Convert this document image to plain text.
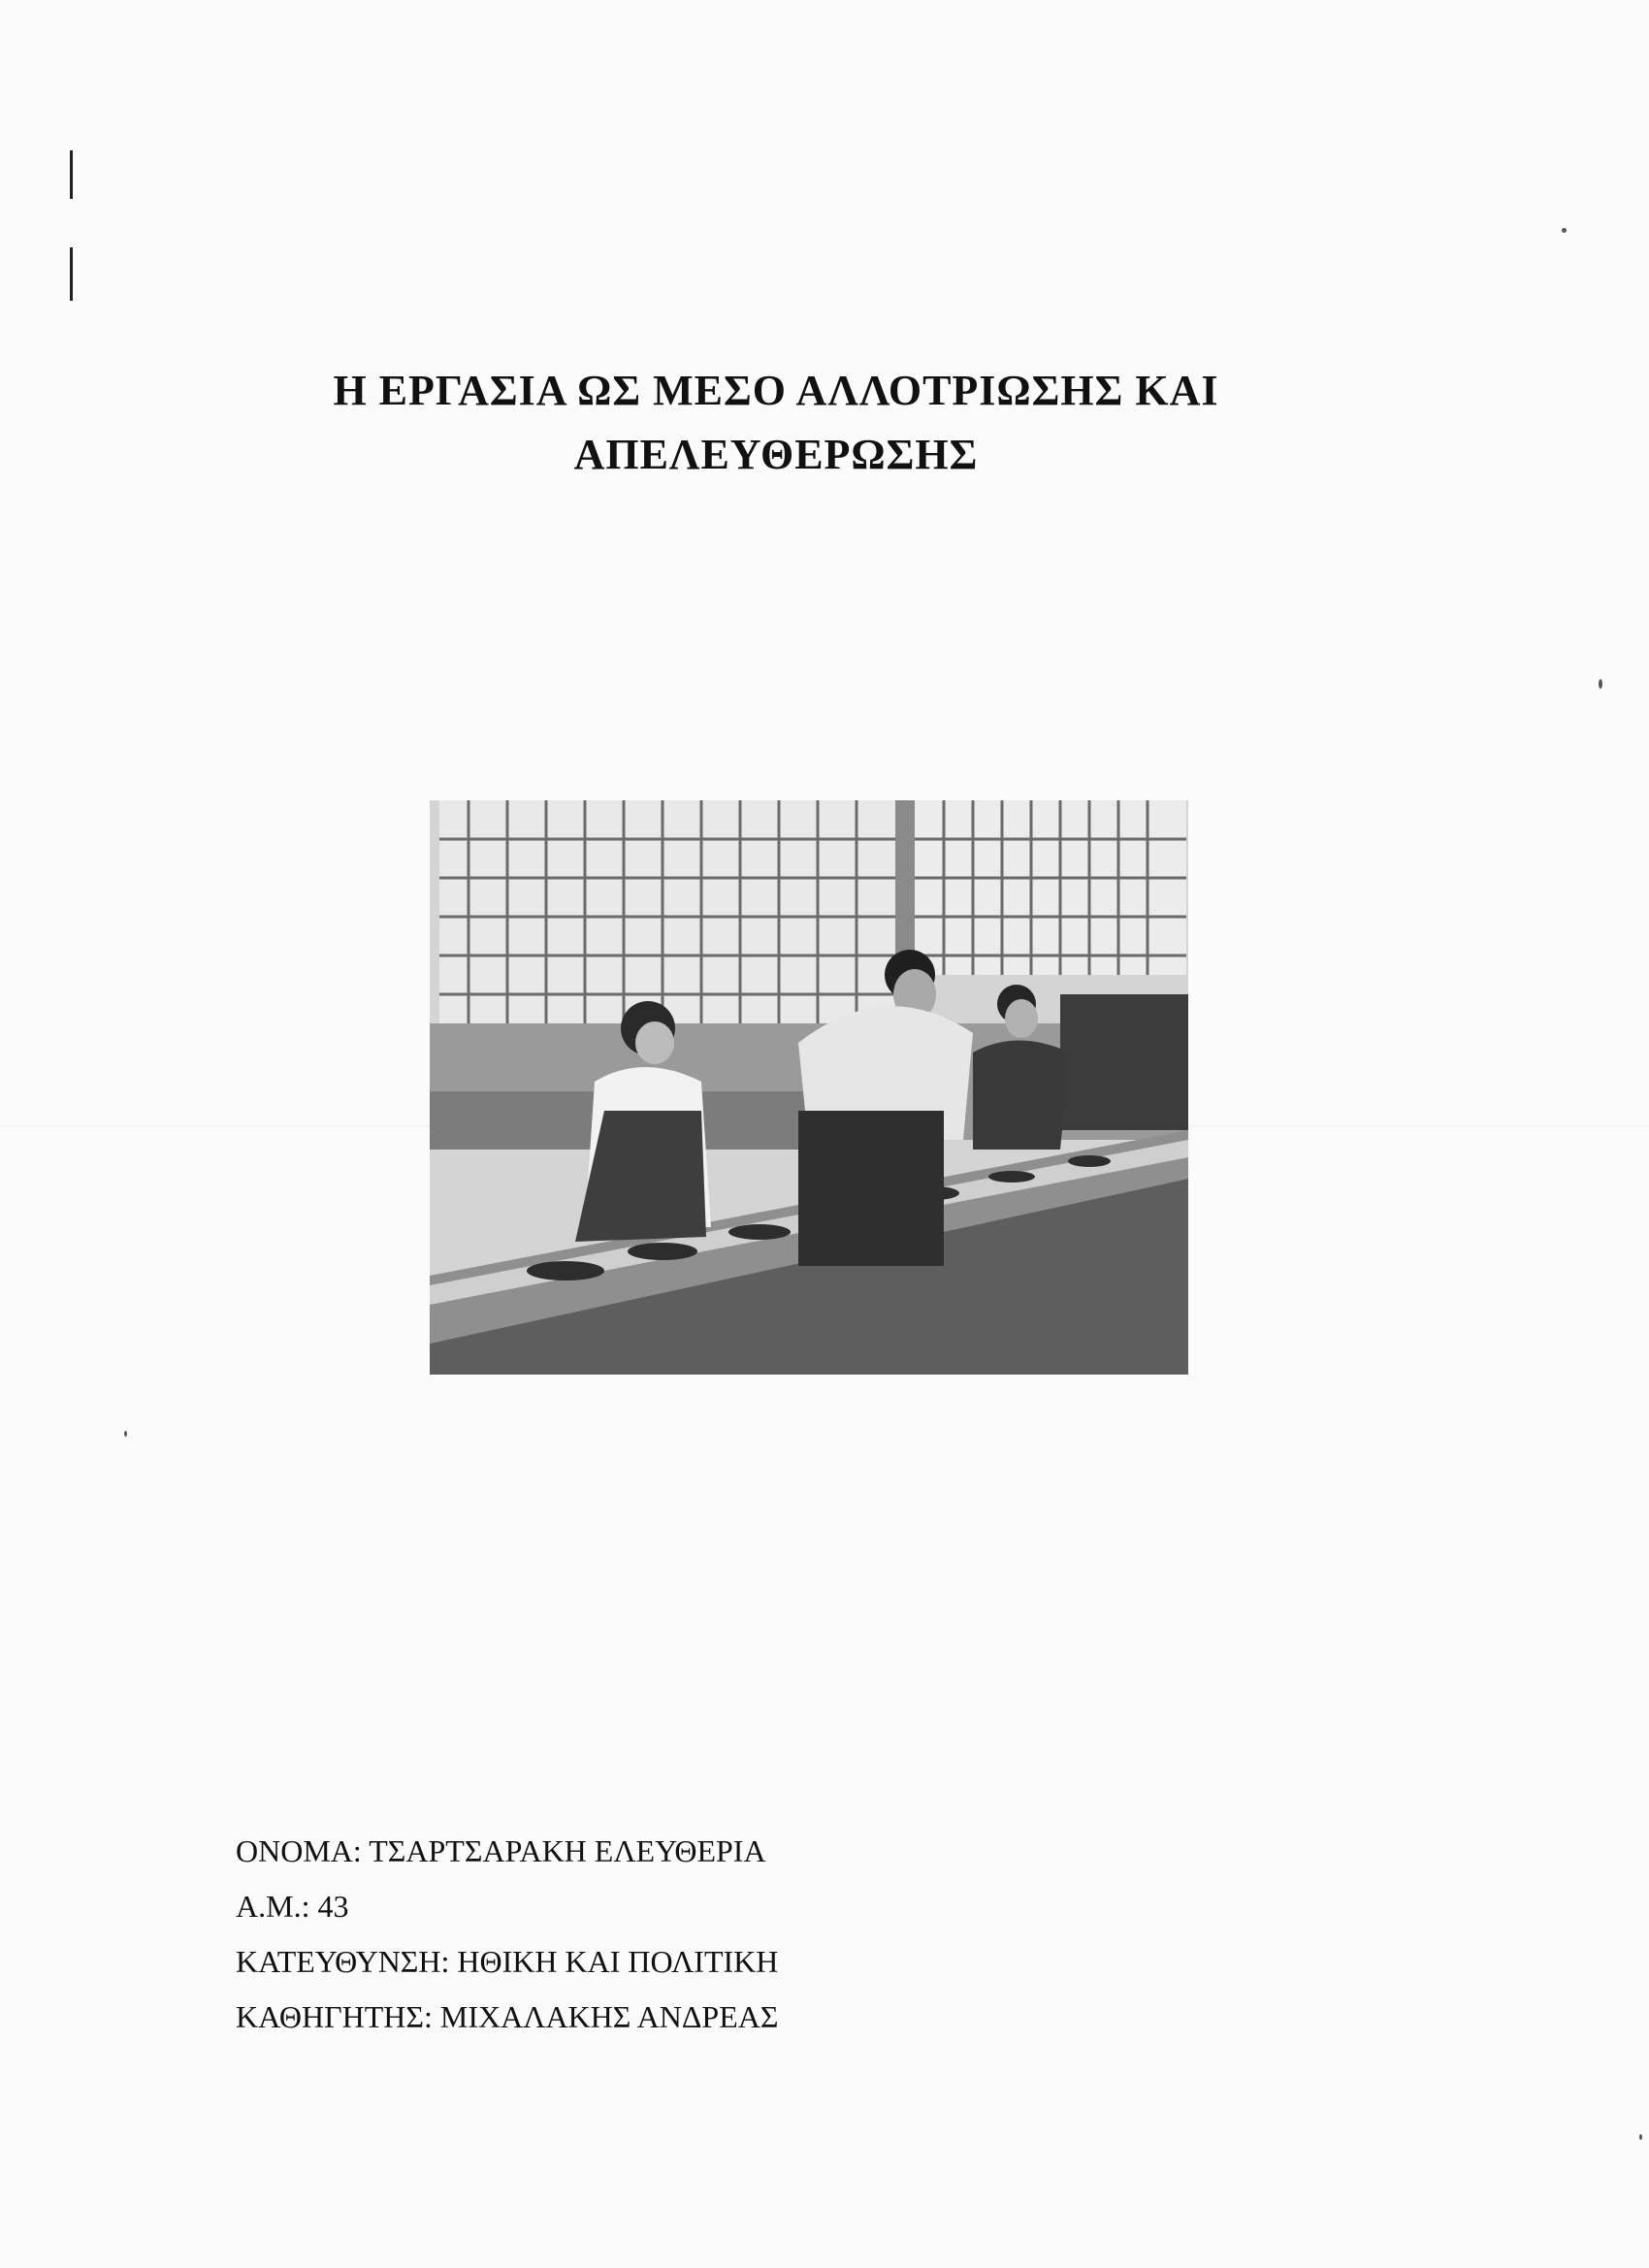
Η ΕΡΓΑΣΙΑ ΩΣ ΜΕΣΟ ΑΛΛΟΤΡΙΩΣΗΣ ΚΑΙ
ΑΠΕΛΕΥΘΕΡΩΣΗΣ
ΟΝΟΜΑ: ΤΣΑΡΤΣΑΡΑΚΗ ΕΛΕΥΘΕΡΙΑ
Α.Μ.: 43
ΚΑΤΕΥΘΥΝΣΗ: ΗΘΙΚΗ ΚΑΙ ΠΟΛΙΤΙΚΗ
ΚΑΘΗΓΗΤΗΣ: ΜΙΧΑΛΑΚΗΣ ΑΝΔΡΕΑΣ
